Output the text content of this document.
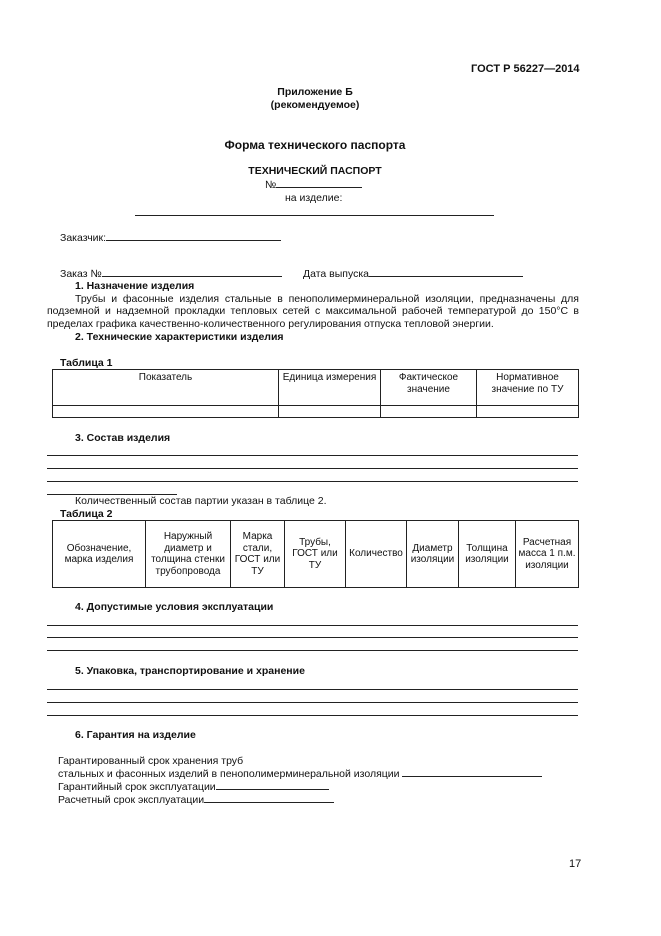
ГОСТ Р 56227—2014
Приложение Б
(рекомендуемое)
Форма технического паспорта
ТЕХНИЧЕСКИЙ ПАСПОРТ
№
на изделие:
Заказчик:
Заказ №	Дата выпуска
1. Назначение изделия
Трубы и фасонные изделия стальные в пенополимерминеральной изоляции, предназначены для подземной и надземной прокладки тепловых сетей с максимальной рабочей температурой до 150°С в пределах графика качественно-количественного регулирования отпуска тепловой энергии.
2. Технические характеристики изделия
Таблица 1
Показатель	Единица измерения	Фактическое значение	Нормативное значение по ТУ

3. Состав изделия
Количественный состав партии указан в таблице 2.
Таблица 2
Обозначение, марка изделия	Наружный диаметр и толщина стенки трубопровода	Марка стали, ГОСТ или ТУ	Трубы, ГОСТ или ТУ	Количество	Диаметр изоляции	Толщина изоляции	Расчетная масса 1 п.м. изоляции
4. Допустимые условия эксплуатации
5. Упаковка, транспортирование и хранение
6. Гарантия на изделие
Гарантированный срок хранения труб
стальных и фасонных изделий в пенополимерминеральной изоляции
Гарантийный срок эксплуатации
Расчетный срок эксплуатации
17
